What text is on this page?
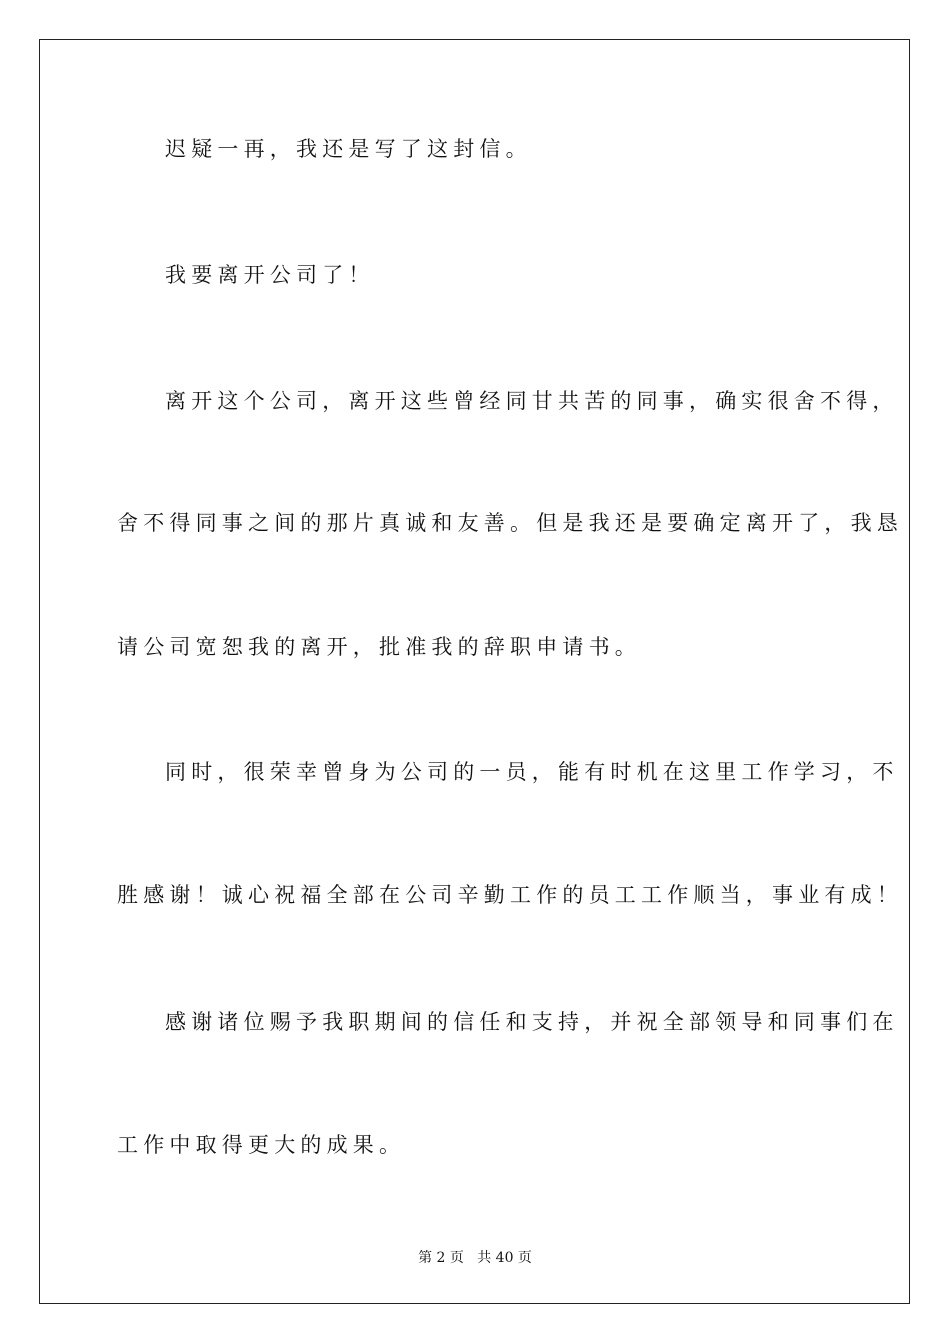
迟疑一再，我还是写了这封信。

我要离开公司了！

离开这个公司，离开这些曾经同甘共苦的同事，确实很舍不得，

舍不得同事之间的那片真诚和友善。但是我还是要确定离开了，我恳

请公司宽恕我的离开，批准我的辞职申请书。

同时，很荣幸曾身为公司的一员，能有时机在这里工作学习，不

胜感谢！诚心祝福全部在公司辛勤工作的员工工作顺当，事业有成！

感谢诸位赐予我职期间的信任和支持，并祝全部领导和同事们在

工作中取得更大的成果。

第 2 页   共 40 页
